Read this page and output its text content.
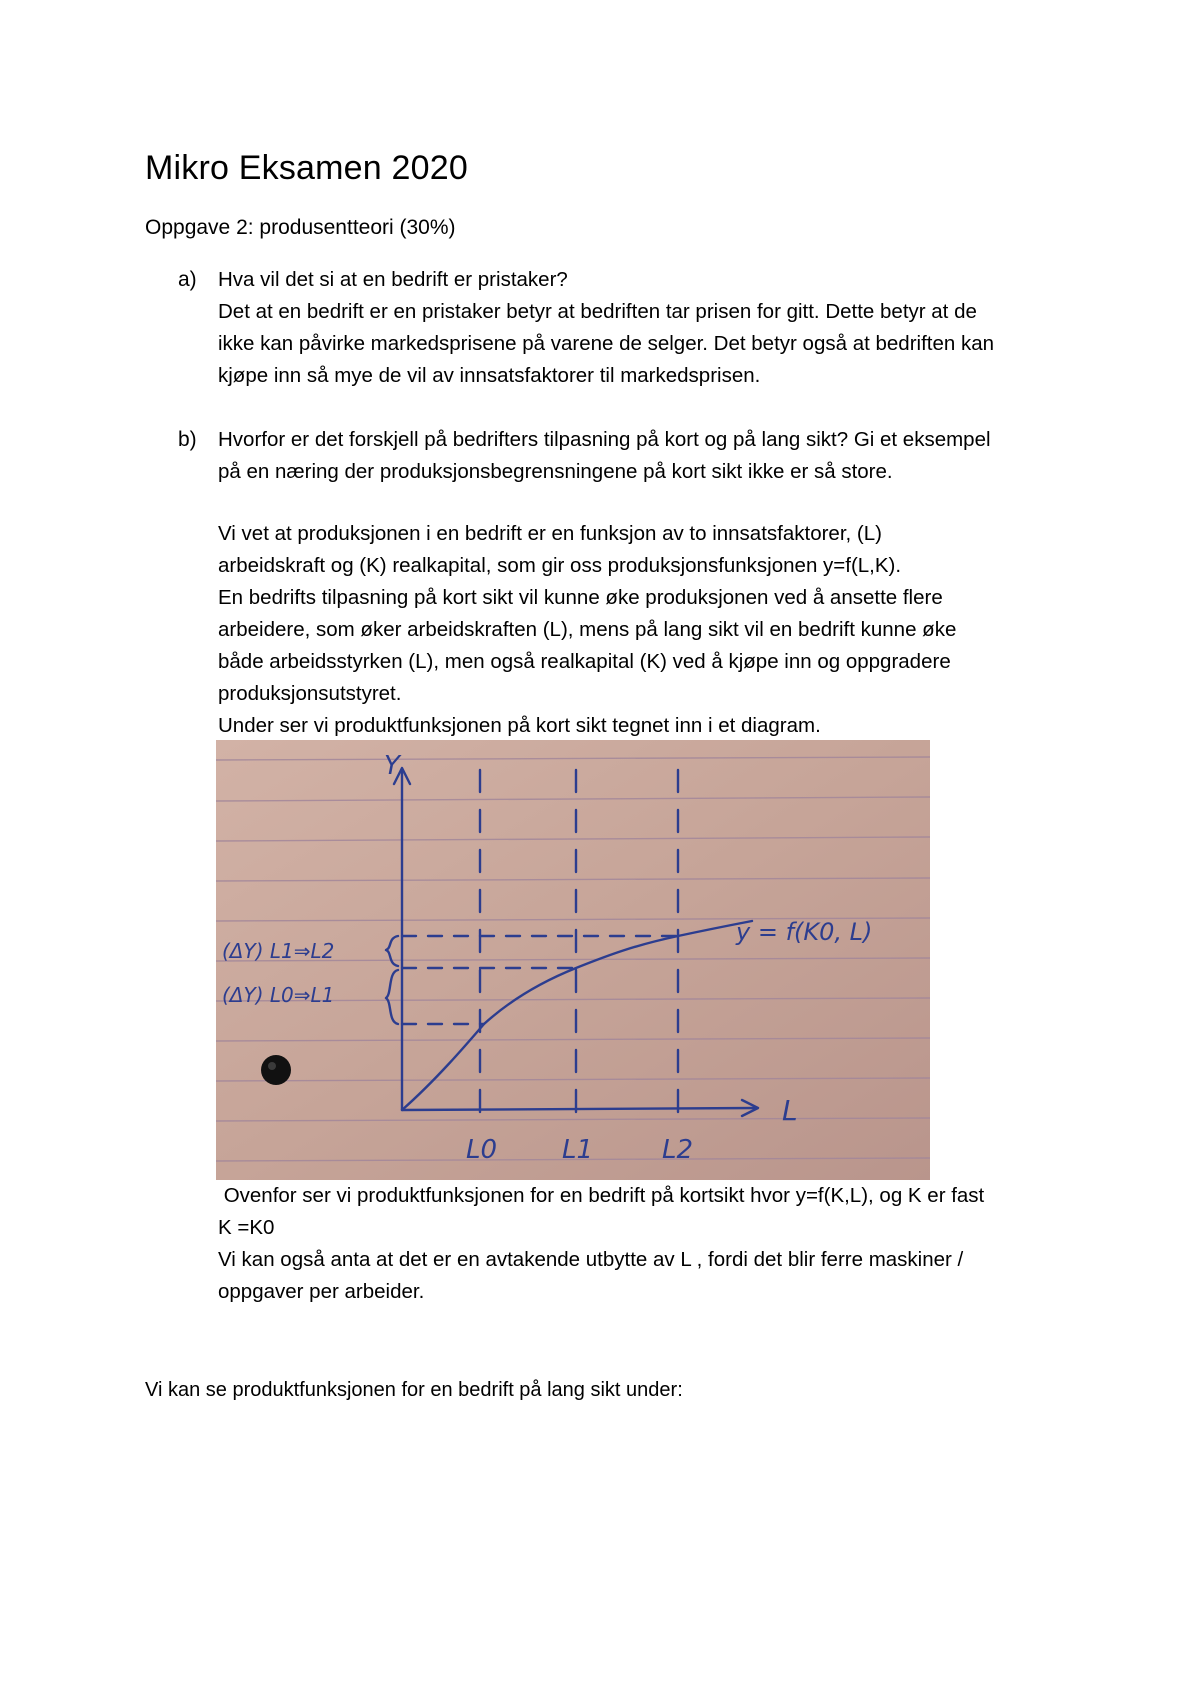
Mikro Eksamen 2020
Oppgave 2: produsentteori (30%)
a) Hva vil det si at en bedrift er pristaker?
Det at en bedrift er en pristaker betyr at bedriften tar prisen for gitt. Dette betyr at de
ikke kan påvirke markedsprisene på varene de selger. Det betyr også at bedriften kan
kjøpe inn så mye de vil av innsatsfaktorer til markedsprisen.
b) Hvorfor er det forskjell på bedrifters tilpasning på kort og på lang sikt? Gi et eksempel
på en næring der produksjonsbegrensningene på kort sikt ikke er så store.
Vi vet at produksjonen i en bedrift er en funksjon av to innsatsfaktorer, (L)
arbeidskraft og (K) realkapital, som gir oss produksjonsfunksjonen y=f(L,K).
En bedrifts tilpasning på kort sikt vil kunne øke produksjonen ved å ansette flere
arbeidere, som øker arbeidskraften (L), mens på lang sikt vil en bedrift kunne øke
både arbeidsstyrken (L), men også realkapital (K) ved å kjøpe inn og oppgradere
produksjonsutstyret.
Under ser vi produktfunksjonen på kort sikt tegnet inn i et diagram.
Y
L
L0 L1	L2
y = f(K0, L)
(ΔY) L1⇒L2
(ΔY) L0⇒L1
Ovenfor ser vi produktfunksjonen for en bedrift på kortsikt hvor y=f(K,L), og K er fast
K =K0
Vi kan også anta at det er en avtakende utbytte av L , fordi det blir ferre maskiner /
oppgaver per arbeider.
Vi kan se produktfunksjonen for en bedrift på lang sikt under:
